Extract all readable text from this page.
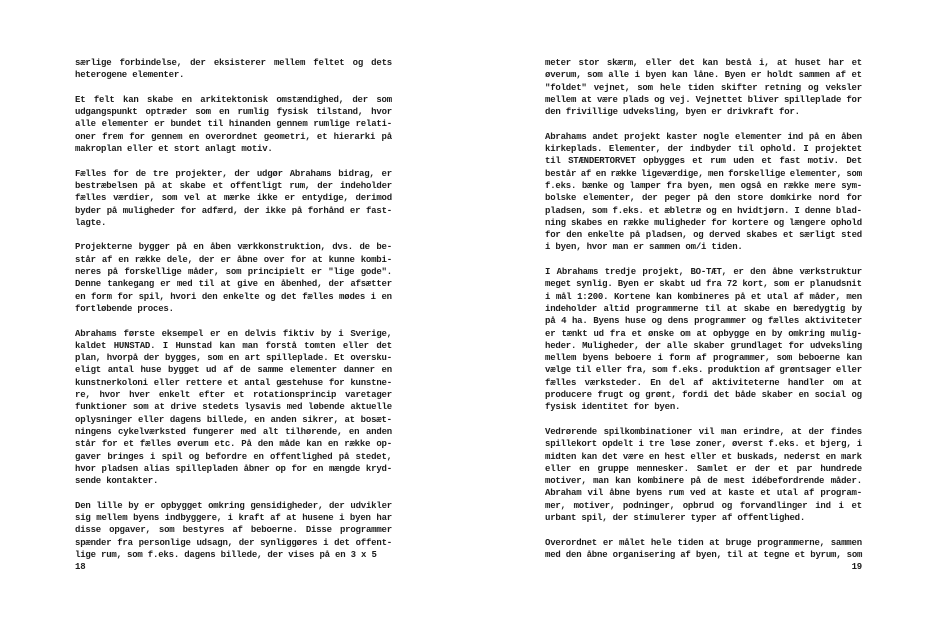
særlige forbindelse, der eksisterer mellem feltet og dets
heterogene elementer.
Et felt kan skabe en arkitektonisk omstændighed, der som
udgangspunkt optræder som en rumlig fysisk tilstand, hvor
alle elementer er bundet til hinanden gennem rumlige relati-
oner frem for gennem en overordnet geometri, et hierarki på
makroplan eller et stort anlagt motiv.
Fælles for de tre projekter, der udgør Abrahams bidrag, er
bestræbelsen på at skabe et offentligt rum, der indeholder
fælles værdier, som vel at mærke ikke er entydige, derimod
byder på muligheder for adfærd, der ikke på forhånd er fast-
lagte.
Projekterne bygger på en åben værkkonstruktion, dvs. de be-
står af en række dele, der er åbne over for at kunne kombi-
neres på forskellige måder, som principielt er "lige gode".
Denne tankegang er med til at give en åbenhed, der afsætter
en form for spil, hvori den enkelte og det fælles mødes i en
fortløbende proces.
Abrahams første eksempel er en delvis fiktiv by i Sverige,
kaldet HUNSTAD. I Hunstad kan man forstå tomten eller det
plan, hvorpå der bygges, som en art spilleplade. Et oversku-
eligt antal huse bygget ud af de samme elementer danner en
kunstnerkoloni eller rettere et antal gæstehuse for kunstne-
re, hvor hver enkelt efter et rotationsprincip varetager
funktioner som at drive stedets lysavis med løbende aktuelle
oplysninger eller dagens billede, en anden sikrer, at bosæt-
ningens cykelværksted fungerer med alt tilhørende, en anden
står for et fælles øverum etc. På den måde kan en række op-
gaver bringes i spil og befordre en offentlighed på stedet,
hvor pladsen alias spillepladen åbner op for en mængde kryd-
sende kontakter.
Den lille by er opbygget omkring gensidigheder, der udvikler
sig mellem byens indbyggere, i kraft af at husene i byen har
disse opgaver, som bestyres af beboerne. Disse programmer
spænder fra personlige udsagn, der synliggøres i det offent-
lige rum, som f.eks. dagens billede, der vises på en 3 x 5
meter stor skærm, eller det kan bestå i, at huset har et
øverum, som alle i byen kan låne. Byen er holdt sammen af et
"foldet" vejnet, som hele tiden skifter retning og veksler
mellem at være plads og vej. Vejnettet bliver spilleplade for
den frivillige udveksling, byen er drivkraft for.
Abrahams andet projekt kaster nogle elementer ind på en åben
kirkeplads. Elementer, der indbyder til ophold. I projektet
til STÆNDERTORVET opbygges et rum uden et fast motiv. Det
består af en række ligeværdige, men forskellige elementer, som
f.eks. bænke og lamper fra byen, men også en række mere sym-
bolske elementer, der peger på den store domkirke nord for
pladsen, som f.eks. et æbletræ og en hvidtjørn. I denne blad-
ning skabes en række muligheder for kortere og længere ophold
for den enkelte på pladsen, og derved skabes et særligt sted
i byen, hvor man er sammen om/i tiden.
I Abrahams tredje projekt, BO-TÆT, er den åbne værkstruktur
meget synlig. Byen er skabt ud fra 72 kort, som er planudsnit
i mål 1:200. Kortene kan kombineres på et utal af måder, men
indeholder altid programmerne til at skabe en bæredygtig by
på 4 ha. Byens huse og dens programmer og fælles aktiviteter
er tænkt ud fra et ønske om at opbygge en by omkring mulig-
heder. Muligheder, der alle skaber grundlaget for udveksling
mellem byens beboere i form af programmer, som beboerne kan
vælge til eller fra, som f.eks. produktion af grøntsager eller
fælles værksteder. En del af aktiviteterne handler om at
producere frugt og grønt, fordi det både skaber en social og
fysisk identitet for byen.
Vedrørende spilkombinationer vil man erindre, at der findes
spillekort opdelt i tre løse zoner, øverst f.eks. et bjerg, i
midten kan det være en hest eller et buskads, nederst en mark
eller en gruppe mennesker. Samlet er der et par hundrede
motiver, man kan kombinere på de mest idébefordrende måder.
Abraham vil åbne byens rum ved at kaste et utal af program-
mer, motiver, podninger, opbrud og forvandlinger ind i et
urbant spil, der stimulerer typer af offentlighed.
Overordnet er målet hele tiden at bruge programmerne, sammen
med den åbne organisering af byen, til at tegne et byrum, som
18	19
